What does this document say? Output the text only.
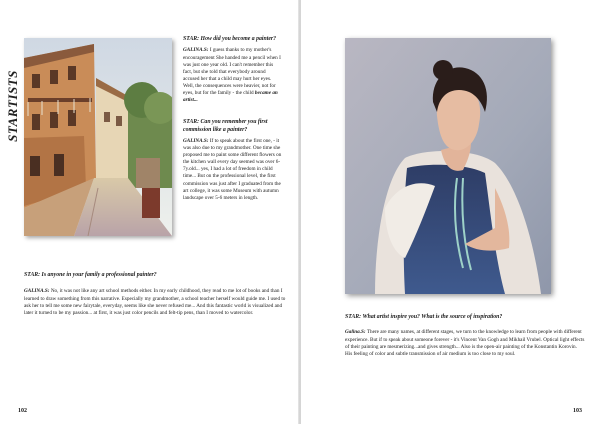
STARTISTS

STAR: How did you become a painter?

GALINA.S: I guess thanks to my mother's encouragement She handed me a pencil when I was just one year old. I can't remember this fact, but she told that everybody around accused her that a child may hurt her eyes. Well, the consequences were heavier, not for eyes, but for the family - the child became an artist...

STAR: Can you remember you first commission like a painter?

GALINA.S: If to speak about the first one, - it was also due to my grandmother. One time she proposed me to paint some different flowers on the kitchen wall every day seemed was over 6-7y.old... yes, I had a lot of freedom in child time... But on the professional level, the first commission was just after I graduated from the art college, it was some Museum with autumn landscape over 5-6 meters in length.

STAR: Is anyone in your family a professional painter?

GALINA.S: No, it was not like any art school methods either. In my early childhood, they read to me lot of books and than I learned to draw something from this narrative. Especially my grandmother, a school teacher herself would guide me. I used to ask her to tell me some new fairytale, everyday, seems like she never refused me... And this fantastic world is visualized and later it turned to be my passion... at first, it was just color pencils and felt-tip pens, than I moved to watercolor.

102	103

STAR: What artist inspire you? What is the source of inspiration?

Galina.S: There are many names, at different stages, we turn to the knowledge to learn from people with different experience. But if to speak about someone forever - it's Vincent Van Gogh and Mikhail Vrubel. Optical light effects of their painting are mesmerizing...and gives strength... Also is the open-air painting of the Konstantin Korovin. His feeling of color and subtle transmission of air medium is too close to my soul.
